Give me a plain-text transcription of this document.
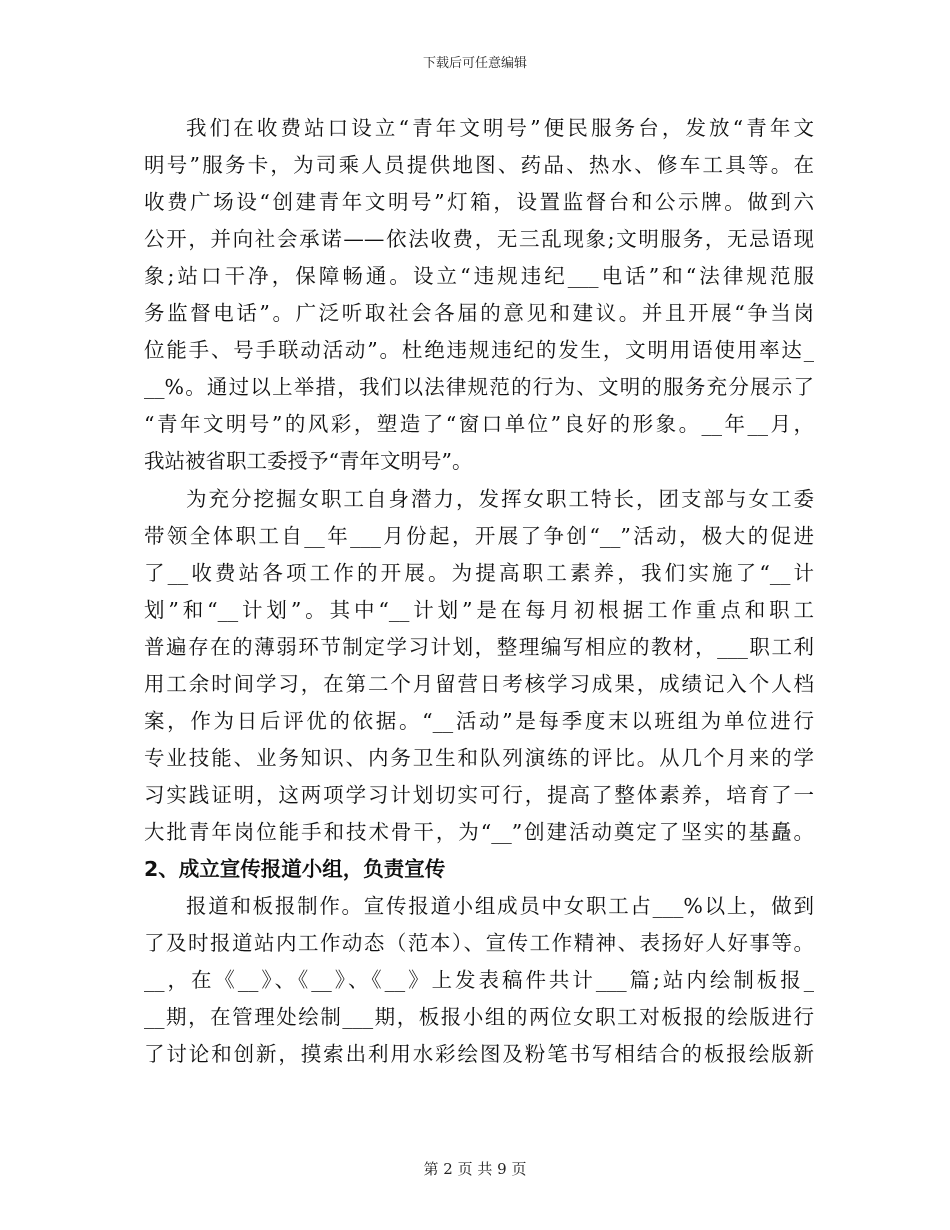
下载后可任意编辑
我们在收费站口设立“青年文明号”便民服务台，发放“青年文
明号”服务卡，为司乘人员提供地图、药品、热水、修车工具等。在
收费广场设“创建青年文明号”灯箱，设置监督台和公示牌。做到六
公开，并向社会承诺——依法收费，无三乱现象;文明服务，无忌语现
象;站口干净，保障畅通。设立“违规违纪___电话”和“法律规范服
务监督电话”。广泛听取社会各届的意见和建议。并且开展“争当岗
位能手、号手联动活动”。杜绝违规违纪的发生，文明用语使用率达_
__%。通过以上举措，我们以法律规范的行为、文明的服务充分展示了
“青年文明号”的风彩，塑造了“窗口单位”良好的形象。__年__月，
我站被省职工委授予“青年文明号”。
为充分挖掘女职工自身潜力，发挥女职工特长，团支部与女工委
带领全体职工自__年___月份起，开展了争创“__”活动，极大的促进
了__收费站各项工作的开展。为提高职工素养，我们实施了“__计
划”和“__计划”。其中“__计划”是在每月初根据工作重点和职工
普遍存在的薄弱环节制定学习计划，整理编写相应的教材，___职工利
用工余时间学习，在第二个月留营日考核学习成果，成绩记入个人档
案，作为日后评优的依据。“__活动”是每季度末以班组为单位进行
专业技能、业务知识、内务卫生和队列演练的评比。从几个月来的学
习实践证明，这两项学习计划切实可行，提高了整体素养，培育了一
大批青年岗位能手和技术骨干，为“__”创建活动奠定了坚实的基矗。
2、成立宣传报道小组，负责宣传
报道和板报制作。宣传报道小组成员中女职工占___%以上，做到
了及时报道站内工作动态（范本）、宣传工作精神、表扬好人好事等。
__，在《__》、《__》、《__》上发表稿件共计___篇;站内绘制板报_
__期，在管理处绘制___期，板报小组的两位女职工对板报的绘版进行
了讨论和创新，摸索出利用水彩绘图及粉笔书写相结合的板报绘版新
第 2 页 共 9 页
